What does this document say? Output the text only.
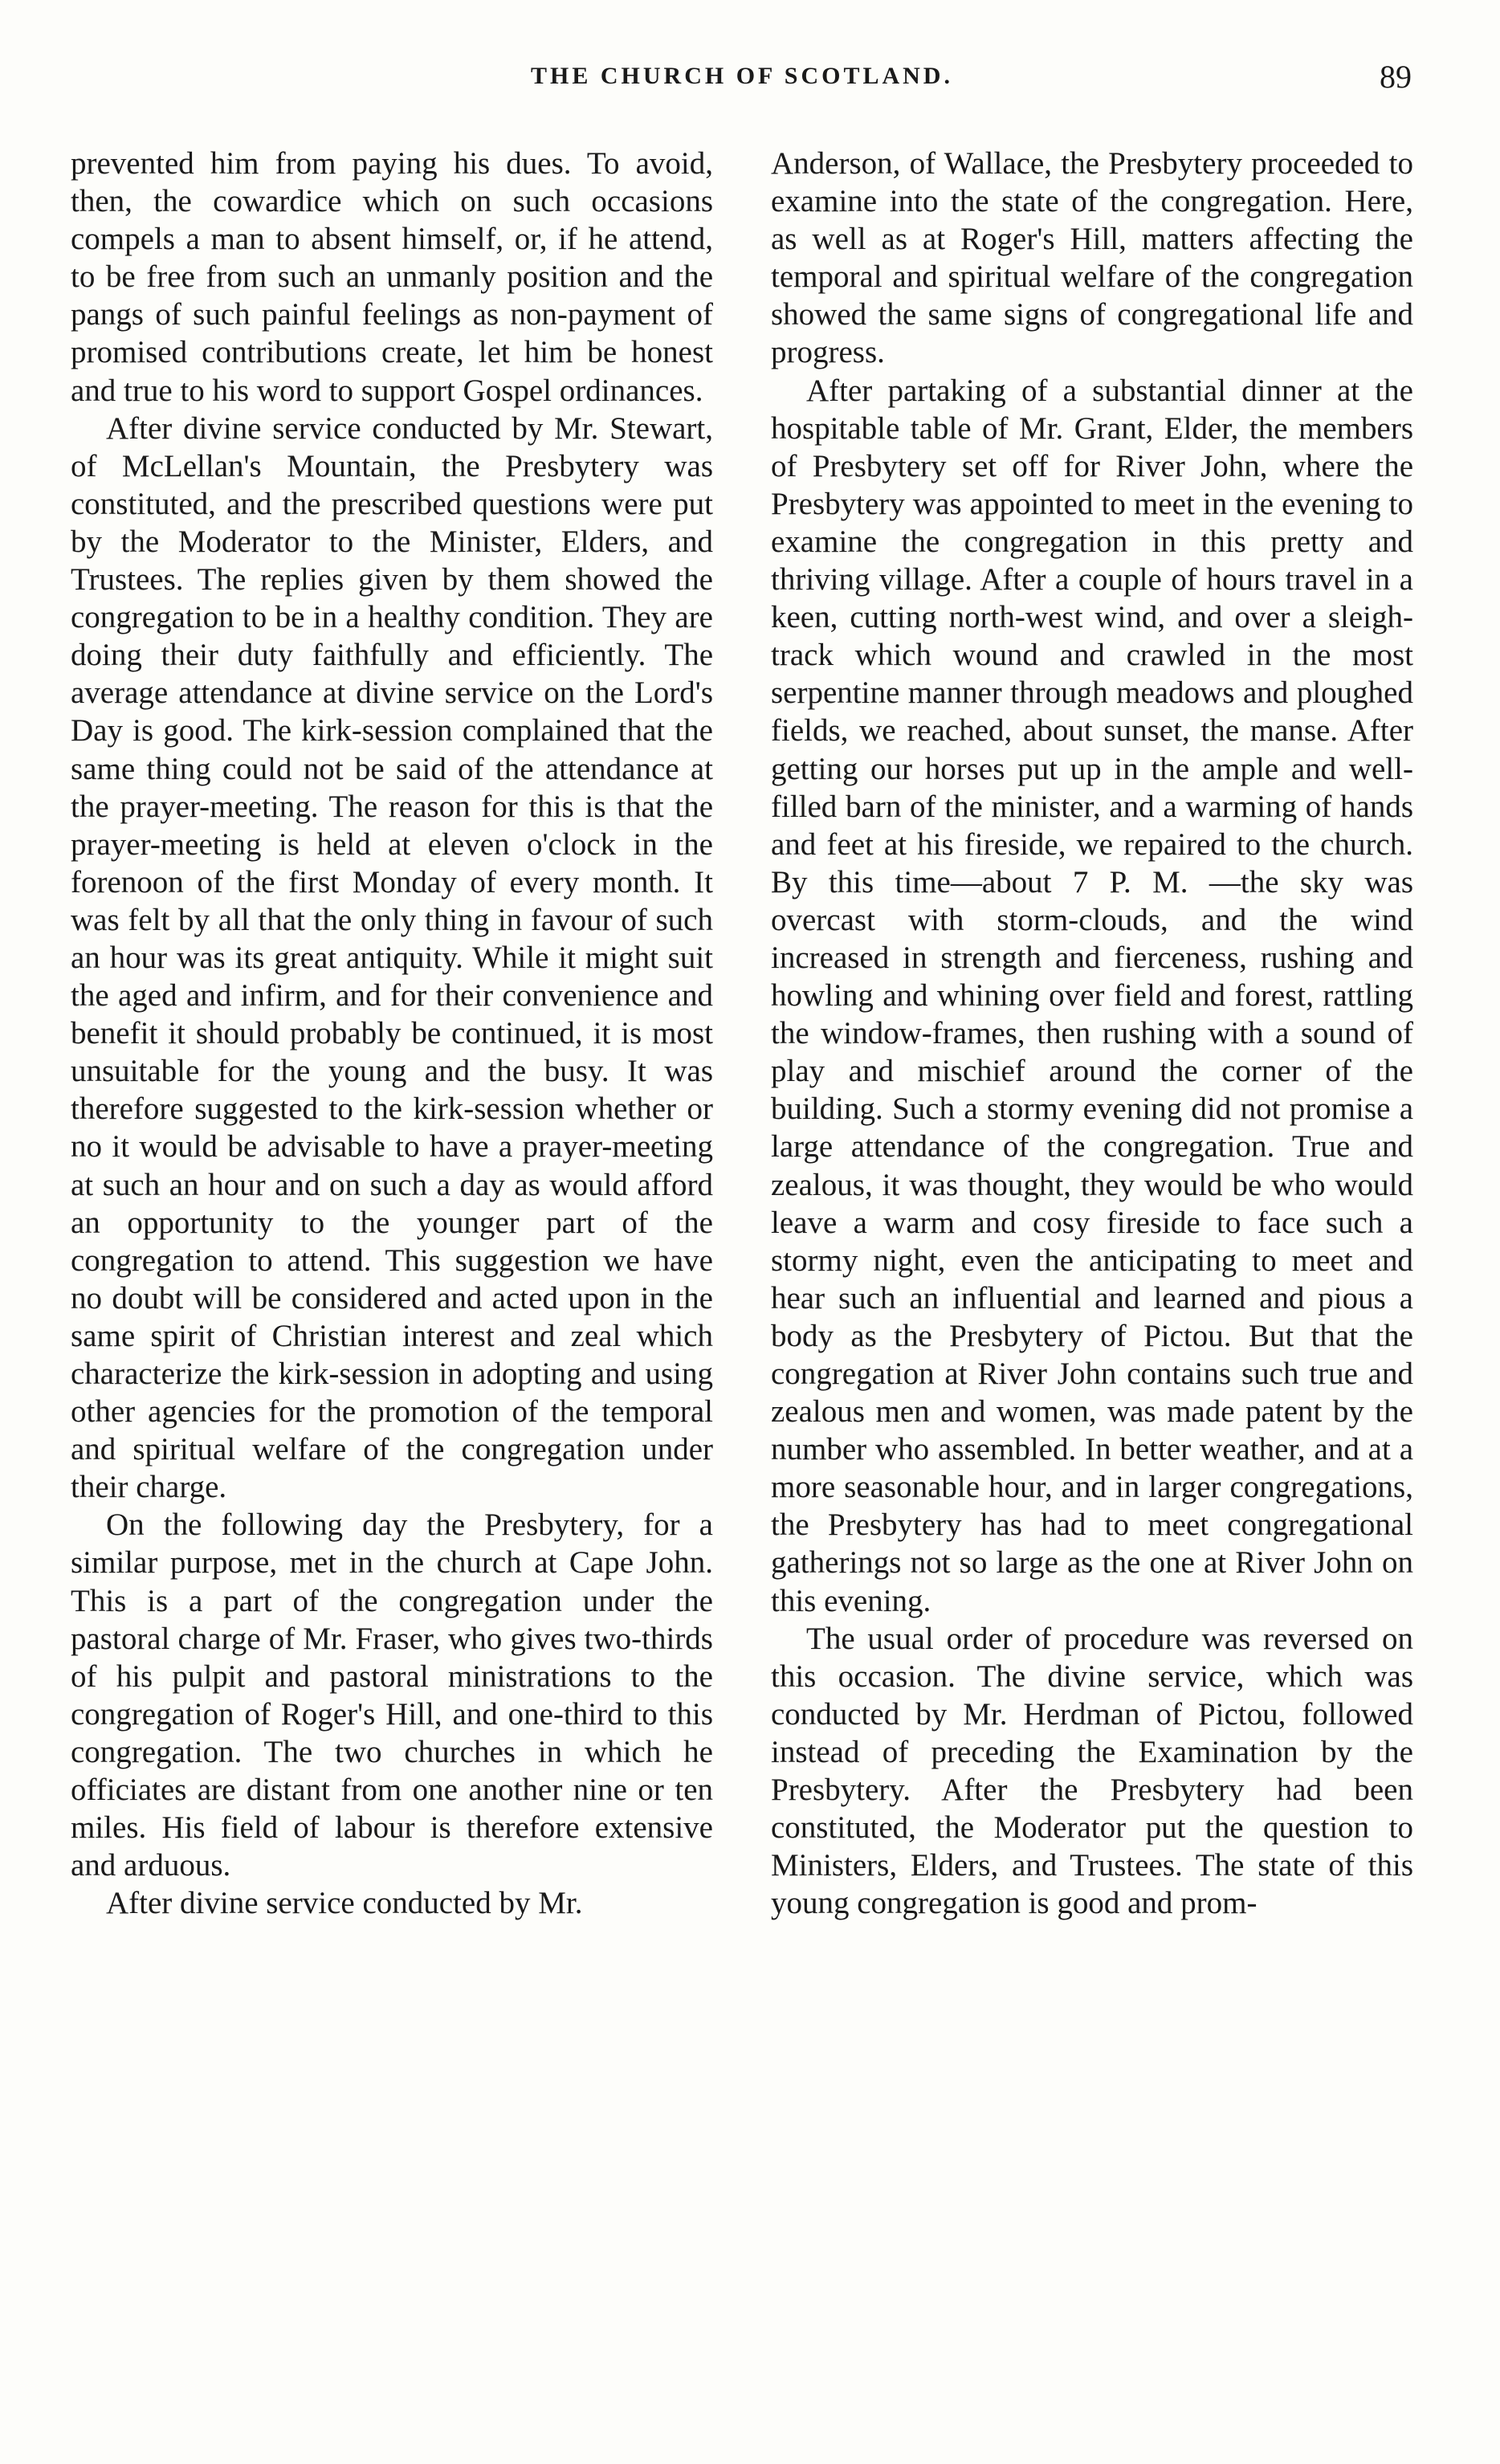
THE CHURCH OF SCOTLAND.	89

prevented him from paying his dues. To avoid, then, the cowardice which on such occasions compels a man to absent himself, or, if he attend, to be free from such an unmanly position and the pangs of such painful feelings as non-payment of promised contributions create, let him be honest and true to his word to support Gospel ordinances.

After divine service conducted by Mr. Stewart, of McLellan's Mountain, the Presbytery was constituted, and the prescribed questions were put by the Moderator to the Minister, Elders, and Trustees. The replies given by them showed the congregation to be in a healthy condition. They are doing their duty faithfully and efficiently. The average attendance at divine service on the Lord's Day is good. The kirk-session complained that the same thing could not be said of the attendance at the prayer-meeting. The reason for this is that the prayer-meeting is held at eleven o'clock in the forenoon of the first Monday of every month. It was felt by all that the only thing in favour of such an hour was its great antiquity. While it might suit the aged and infirm, and for their convenience and benefit it should probably be continued, it is most unsuitable for the young and the busy. It was therefore suggested to the kirk-session whether or no it would be advisable to have a prayer-meeting at such an hour and on such a day as would afford an opportunity to the younger part of the congregation to attend. This suggestion we have no doubt will be considered and acted upon in the same spirit of Christian interest and zeal which characterize the kirk-session in adopting and using other agencies for the promotion of the temporal and spiritual welfare of the congregation under their charge.

On the following day the Presbytery, for a similar purpose, met in the church at Cape John. This is a part of the congregation under the pastoral charge of Mr. Fraser, who gives two-thirds of his pulpit and pastoral ministrations to the congregation of Roger's Hill, and one-third to this congregation. The two churches in which he officiates are distant from one another nine or ten miles. His field of labour is therefore extensive and arduous.

After divine service conducted by Mr.

Anderson, of Wallace, the Presbytery proceeded to examine into the state of the congregation. Here, as well as at Roger's Hill, matters affecting the temporal and spiritual welfare of the congregation showed the same signs of congregational life and progress.

After partaking of a substantial dinner at the hospitable table of Mr. Grant, Elder, the members of Presbytery set off for River John, where the Presbytery was appointed to meet in the evening to examine the congregation in this pretty and thriving village. After a couple of hours travel in a keen, cutting north-west wind, and over a sleigh-track which wound and crawled in the most serpentine manner through meadows and ploughed fields, we reached, about sunset, the manse. After getting our horses put up in the ample and well-filled barn of the minister, and a warming of hands and feet at his fireside, we repaired to the church. By this time—about 7 P. M. —the sky was overcast with storm-clouds, and the wind increased in strength and fierceness, rushing and howling and whining over field and forest, rattling the window-frames, then rushing with a sound of play and mischief around the corner of the building. Such a stormy evening did not promise a large attendance of the congregation. True and zealous, it was thought, they would be who would leave a warm and cosy fireside to face such a stormy night, even the anticipating to meet and hear such an influential and learned and pious a body as the Presbytery of Pictou. But that the congregation at River John contains such true and zealous men and women, was made patent by the number who assembled. In better weather, and at a more seasonable hour, and in larger congregations, the Presbytery has had to meet congregational gatherings not so large as the one at River John on this evening.

The usual order of procedure was reversed on this occasion. The divine service, which was conducted by Mr. Herdman of Pictou, followed instead of preceding the Examination by the Presbytery. After the Presbytery had been constituted, the Moderator put the question to Ministers, Elders, and Trustees. The state of this young congregation is good and prom-
